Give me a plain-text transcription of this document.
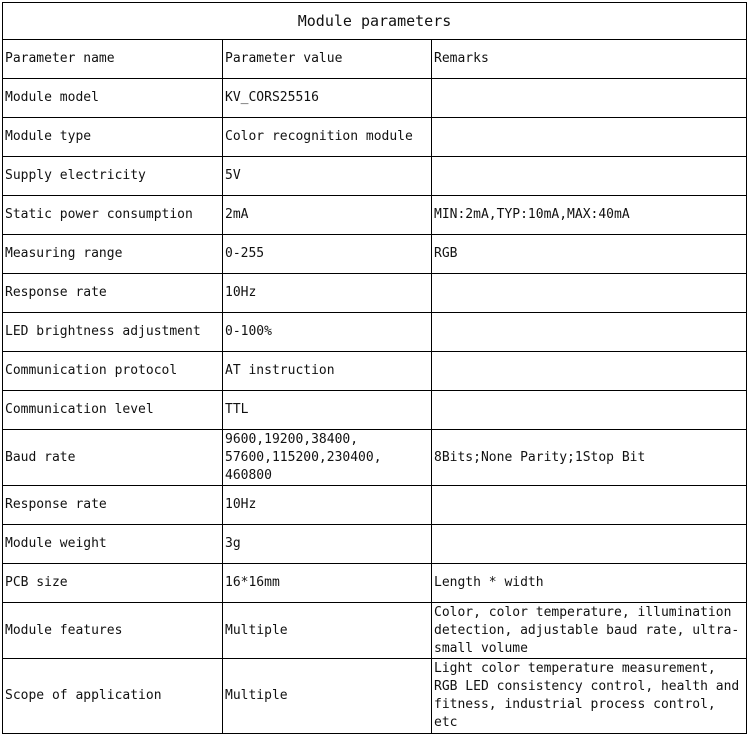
Module parameters		
Parameter name	Parameter value	Remarks
Module model	KV_CORS25516	
Module type	Color recognition module	
Supply electricity	5V	
Static power consumption	2mA	MIN:2mA,TYP:10mA,MAX:40mA
Measuring range	0-255	RGB
Response rate	10Hz	
LED brightness adjustment	0-100%	
Communication protocol	AT instruction	
Communication level	TTL	
Baud rate	9600,19200,38400, 57600,115200,230400, 460800	8Bits;None Parity;1Stop Bit
Response rate	10Hz	
Module weight	3g	
PCB size	16*16mm	Length * width
Module features	Multiple	Color, color temperature, illumination detection, adjustable baud rate, ultra-small volume
Scope of application	Multiple	Light color temperature measurement, RGB LED consistency control, health and fitness, industrial process control, etc
